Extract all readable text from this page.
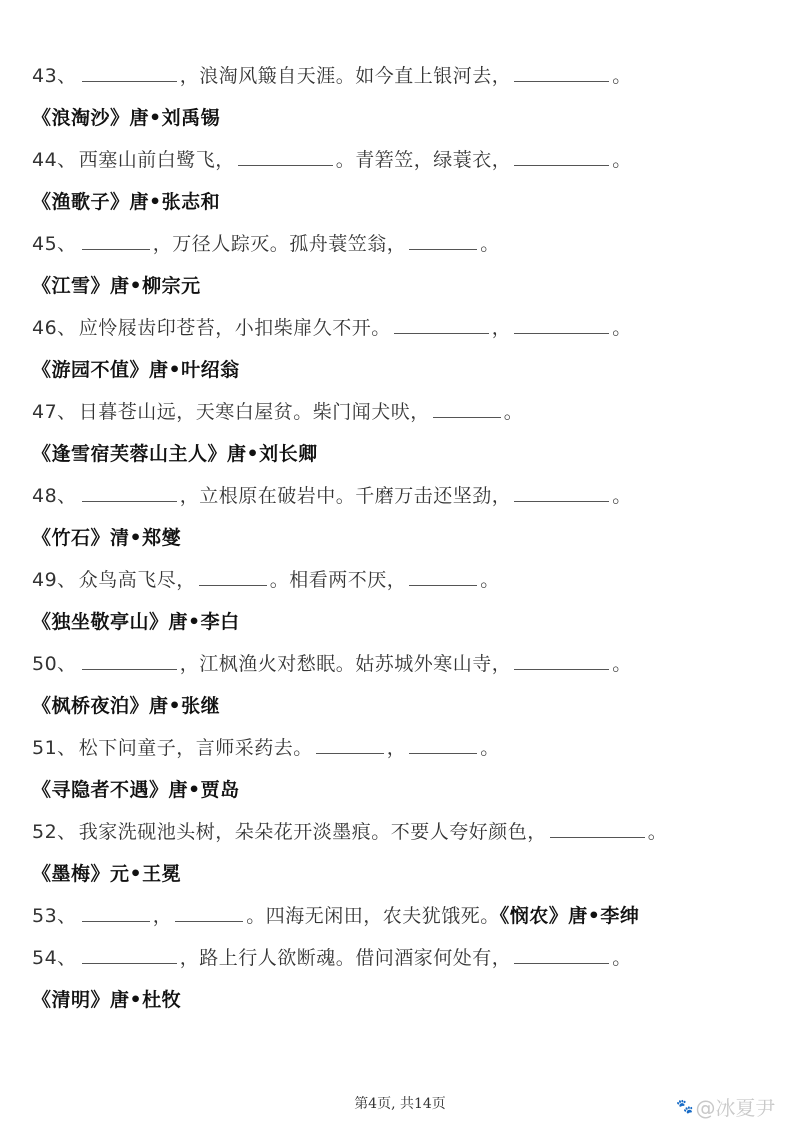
43、	，浪淘风簸自天涯。如今直上银河去，	。
《浪淘沙》唐•刘禹锡
44、 西塞山前白鹭飞，	。青箬笠，绿蓑衣，	。
《渔歌子》唐•张志和
45、	，万径人踪灭。孤舟蓑笠翁，	。
《江雪》唐•柳宗元
46、 应怜屐齿印苍苔，小扣柴扉久不开。	，	。
《游园不值》唐•叶绍翁
47、 日暮苍山远，天寒白屋贫。柴门闻犬吠，	。
《逢雪宿芙蓉山主人》唐•刘长卿
48、	，立根原在破岩中。千磨万击还坚劲，	。
《竹石》清•郑燮
49、 众鸟高飞尽，	。相看两不厌，	。
《独坐敬亭山》唐•李白
50、	，江枫渔火对愁眠。姑苏城外寒山寺，	。
《枫桥夜泊》唐•张继
51、 松下问童子，言师采药去。	，	。
《寻隐者不遇》唐•贾岛
52、 我家洗砚池头树，朵朵花开淡墨痕。不要人夸好颜色，	。
《墨梅》元•王冕
53、	，	。四海无闲田，农夫犹饿死。《悯农》唐•李绅
54、	，路上行人欲断魂。借问酒家何处有，	。
《清明》唐•杜牧
第4页, 共14页	🐾 @冰夏尹
